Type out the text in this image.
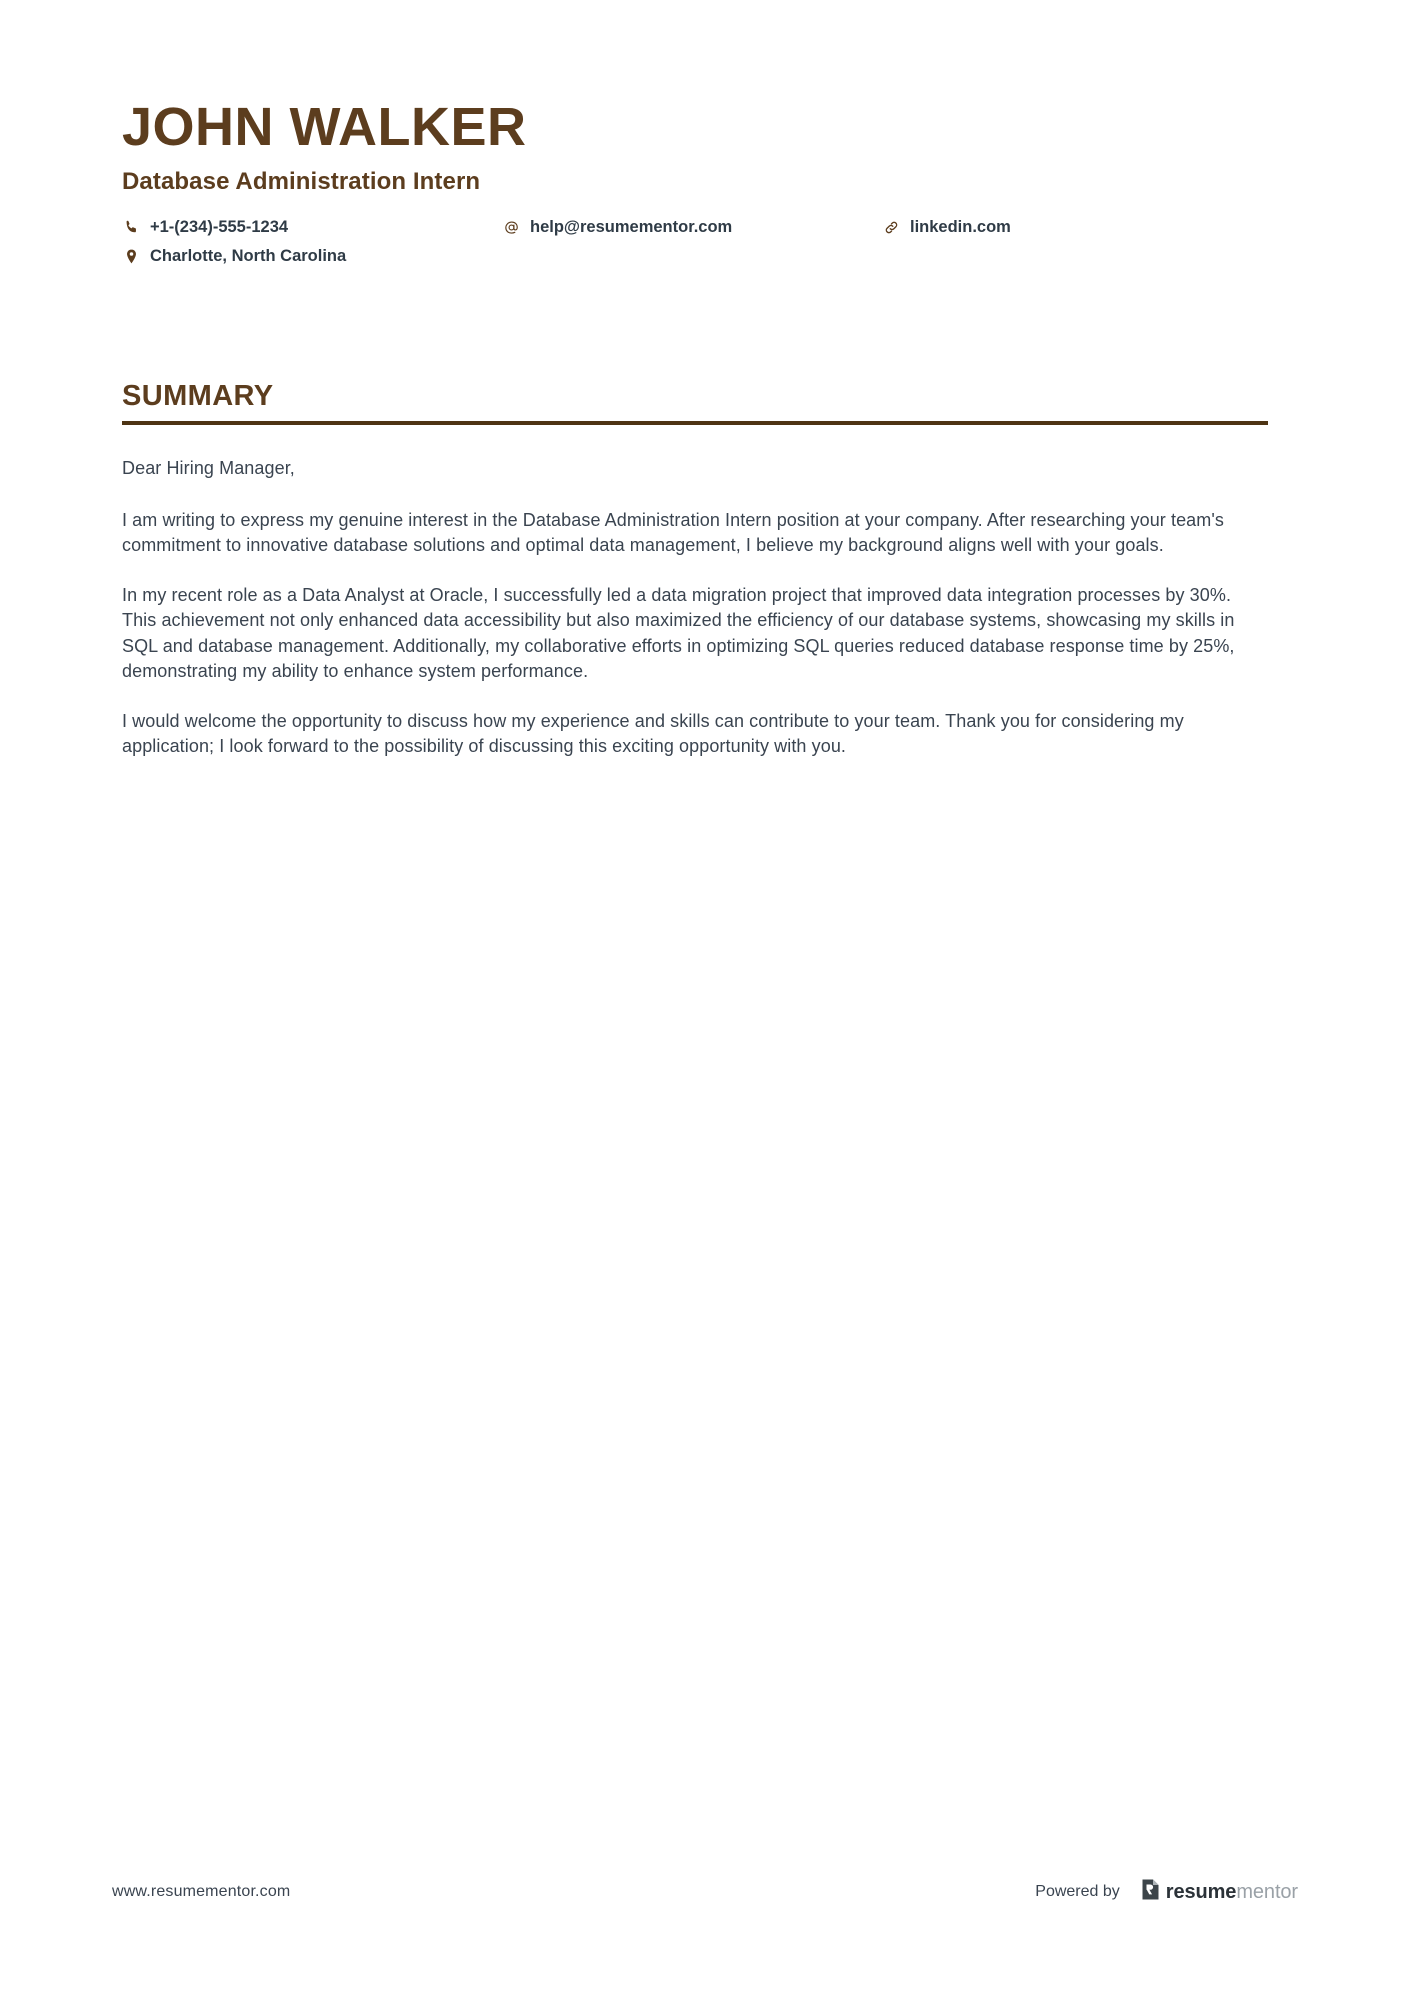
JOHN WALKER
Database Administration Intern
+1-(234)-555-1234	help@resumementor.com	linkedin.com
Charlotte, North Carolina
SUMMARY

Dear Hiring Manager,

I am writing to express my genuine interest in the Database Administration Intern position at your company. After researching your team's commitment to innovative database solutions and optimal data management, I believe my background aligns well with your goals.

In my recent role as a Data Analyst at Oracle, I successfully led a data migration project that improved data integration processes by 30%. This achievement not only enhanced data accessibility but also maximized the efficiency of our database systems, showcasing my skills in SQL and database management. Additionally, my collaborative efforts in optimizing SQL queries reduced database response time by 25%, demonstrating my ability to enhance system performance.

I would welcome the opportunity to discuss how my experience and skills can contribute to your team. Thank you for considering my application; I look forward to the possibility of discussing this exciting opportunity with you.

www.resumementor.com	Powered by resumementor
